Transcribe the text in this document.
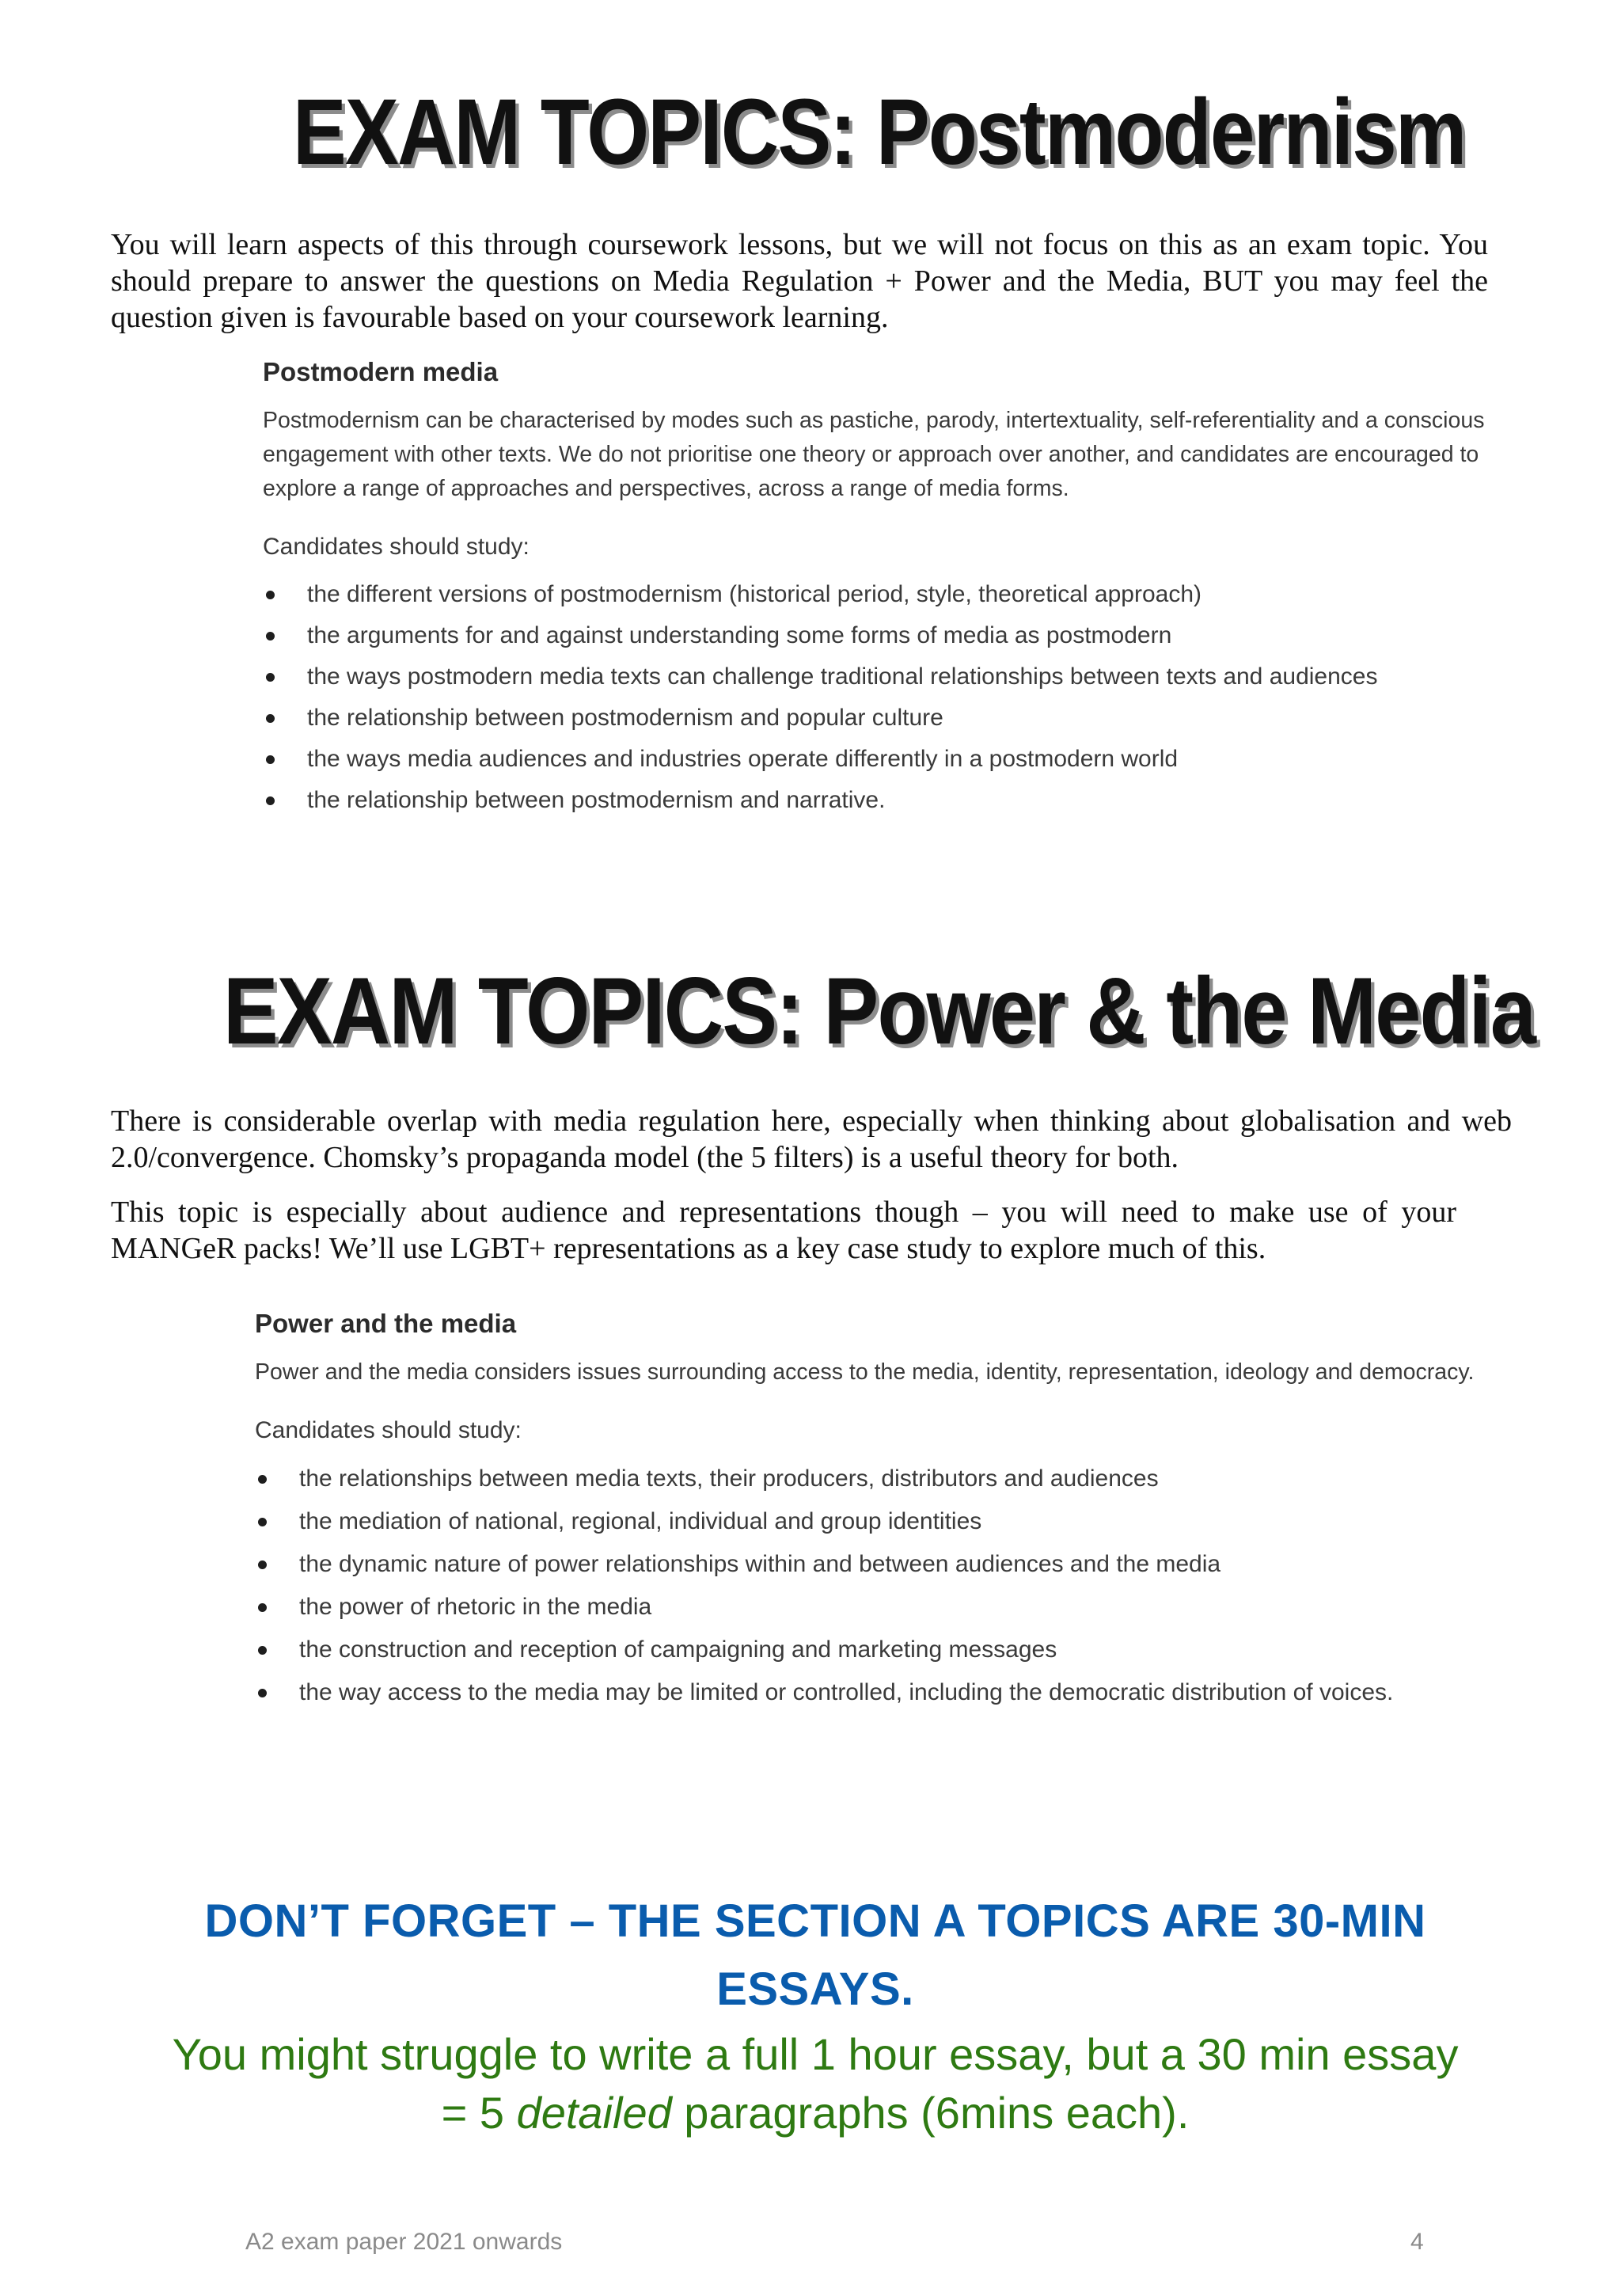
EXAM TOPICS: Postmodernism

You will learn aspects of this through coursework lessons, but we will not focus on this as an exam topic. You should prepare to answer the questions on Media Regulation + Power and the Media, BUT you may feel the question given is favourable based on your coursework learning.

Postmodern media
Postmodernism can be characterised by modes such as pastiche, parody, intertextuality, self-referentiality and a conscious engagement with other texts. We do not prioritise one theory or approach over another, and candidates are encouraged to explore a range of approaches and perspectives, across a range of media forms.
Candidates should study:
the different versions of postmodernism (historical period, style, theoretical approach)
the arguments for and against understanding some forms of media as postmodern
the ways postmodern media texts can challenge traditional relationships between texts and audiences
the relationship between postmodernism and popular culture
the ways media audiences and industries operate differently in a postmodern world
the relationship between postmodernism and narrative.
EXAM TOPICS: Power & the Media

There is considerable overlap with media regulation here, especially when thinking about globalisation and web 2.0/convergence. Chomsky’s propaganda model (the 5 filters) is a useful theory for both.

This topic is especially about audience and representations though – you will need to make use of your MANGeR packs! We’ll use LGBT+ representations as a key case study to explore much of this.

Power and the media
Power and the media considers issues surrounding access to the media, identity, representation, ideology and democracy.
Candidates should study:
the relationships between media texts, their producers, distributors and audiences
the mediation of national, regional, individual and group identities
the dynamic nature of power relationships within and between audiences and the media
the power of rhetoric in the media
the construction and reception of campaigning and marketing messages
the way access to the media may be limited or controlled, including the democratic distribution of voices.
DON’T FORGET – THE SECTION A TOPICS ARE 30-MIN
ESSAYS.
You might struggle to write a full 1 hour essay, but a 30 min essay
= 5 detailed paragraphs (6mins each).
A2 exam paper 2021 onwards	4
